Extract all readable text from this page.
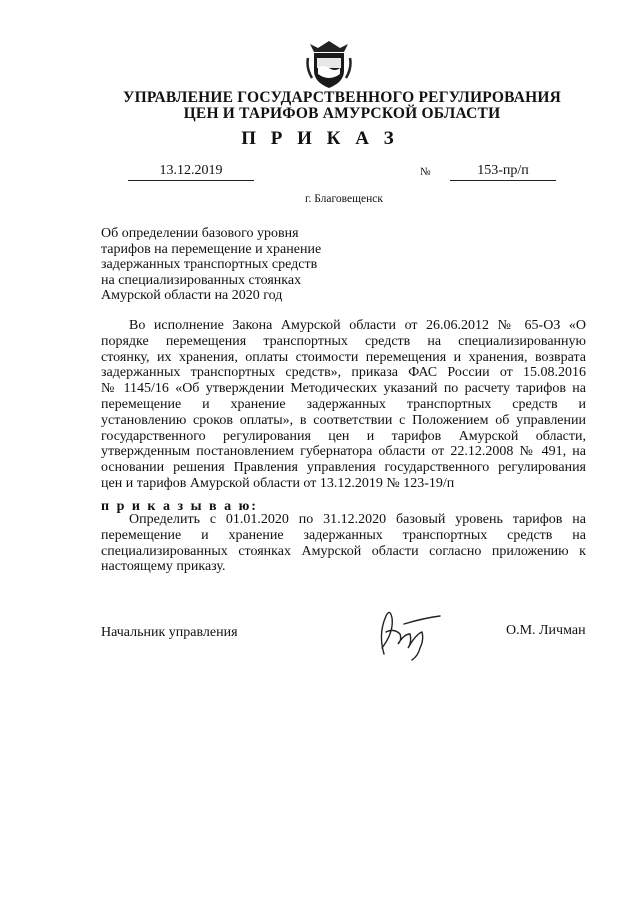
УПРАВЛЕНИЕ ГОСУДАРСТВЕННОГО РЕГУЛИРОВАНИЯ
ЦЕН И ТАРИФОВ АМУРСКОЙ ОБЛАСТИ
П Р И К А З
13.12.2019	№	153-пр/п
г. Благовещенск
Об определении базового уровня
тарифов на перемещение и хранение
задержанных транспортных средств
на специализированных стоянках
Амурской области на 2020 год
Во исполнение Закона Амурской области от 26.06.2012 № 65-ОЗ «О
порядке перемещения транспортных средств на специализированную
стоянку, их хранения, оплаты стоимости перемещения и хранения, возврата
задержанных транспортных средств», приказа ФАС России от 15.08.2016
№ 1145/16 «Об утверждении Методических указаний по расчету тарифов на
перемещение и хранение задержанных транспортных средств и
установлению сроков оплаты», в соответствии с Положением об управлении
государственного регулирования цен и тарифов Амурской области,
утвержденным постановлением губернатора области от 22.12.2008 № 491, на
основании решения Правления управления государственного регулирования
цен и тарифов Амурской области от 13.12.2019 № 123-19/п
п р и к а з ы в а ю:
Определить с 01.01.2020 по 31.12.2020 базовый уровень тарифов на
перемещение и хранение задержанных транспортных средств на
специализированных стоянках Амурской области согласно приложению к
настоящему приказу.
Начальник управления	О.М. Личман
